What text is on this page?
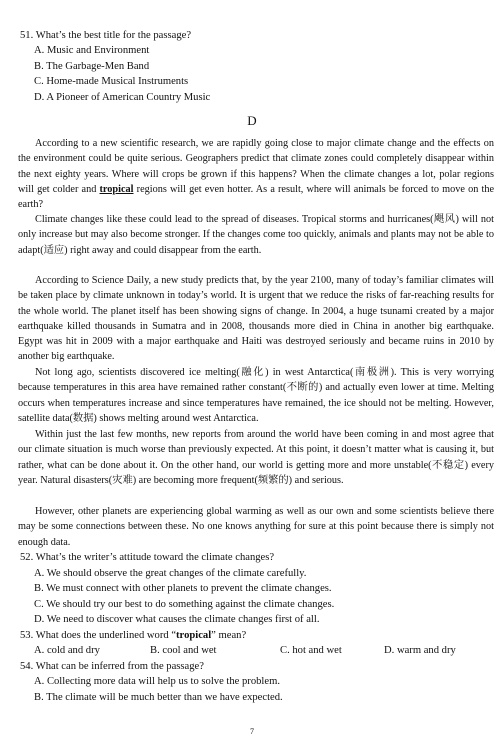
51. What’s the best title for the passage?
A. Music and Environment
B. The Garbage-Men Band
C. Home-made Musical Instruments
D. A Pioneer of American Country Music
D
According to a new scientific research, we are rapidly going close to major climate change and the effects on the environment could be quite serious. Geographers predict that climate zones could completely disappear within the next eighty years. Where will crops be grown if this happens? When the climate changes a lot, polar regions will get colder and tropical regions will get even hotter. As a result, where will animals be forced to move on the earth?
Climate changes like these could lead to the spread of diseases. Tropical storms and hurricanes(飓风) will not only increase but may also become stronger. If the changes come too quickly, animals and plants may not be able to adapt(适应) right away and could disappear from the earth.
According to Science Daily, a new study predicts that, by the year 2100, many of today’s familiar climates will be taken place by climate unknown in today’s world. It is urgent that we reduce the risks of far-reaching results for the whole world. The planet itself has been showing signs of change. In 2004, a huge tsunami created by a major earthquake killed thousands in Sumatra and in 2008, thousands more died in China in another big earthquake. Egypt was hit in 2009 with a major earthquake and Haiti was destroyed seriously and became ruins in 2010 by another big earthquake.
Not long ago, scientists discovered ice melting(融化) in west Antarctica(南极洲). This is very worrying because temperatures in this area have remained rather constant(不断的) and actually even lower at time. Melting occurs when temperatures increase and since temperatures have remained, the ice should not be melting. However, satellite data(数据) shows melting around west Antarctica.
Within just the last few months, new reports from around the world have been coming in and most agree that our climate situation is much worse than previously expected. At this point, it doesn’t matter what is causing it, but rather, what can be done about it. On the other hand, our world is getting more and more unstable(不稳定) every year. Natural disasters(灾难) are becoming more frequent(频繁的) and serious.
However, other planets are experiencing global warming as well as our own and some scientists believe there may be some connections between these. No one knows anything for sure at this point because there is simply not enough data.
52. What’s the writer’s attitude toward the climate changes?
A. We should observe the great changes of the climate carefully.
B. We must connect with other planets to prevent the climate changes.
C. We should try our best to do something against the climate changes.
D. We need to discover what causes the climate changes first of all.
53. What does the underlined word “tropical” mean?
A. cold and dry	B. cool and wet	C. hot and wet	D. warm and dry
54. What can be inferred from the passage?
A. Collecting more data will help us to solve the problem.
B. The climate will be much better than we have expected.
7
